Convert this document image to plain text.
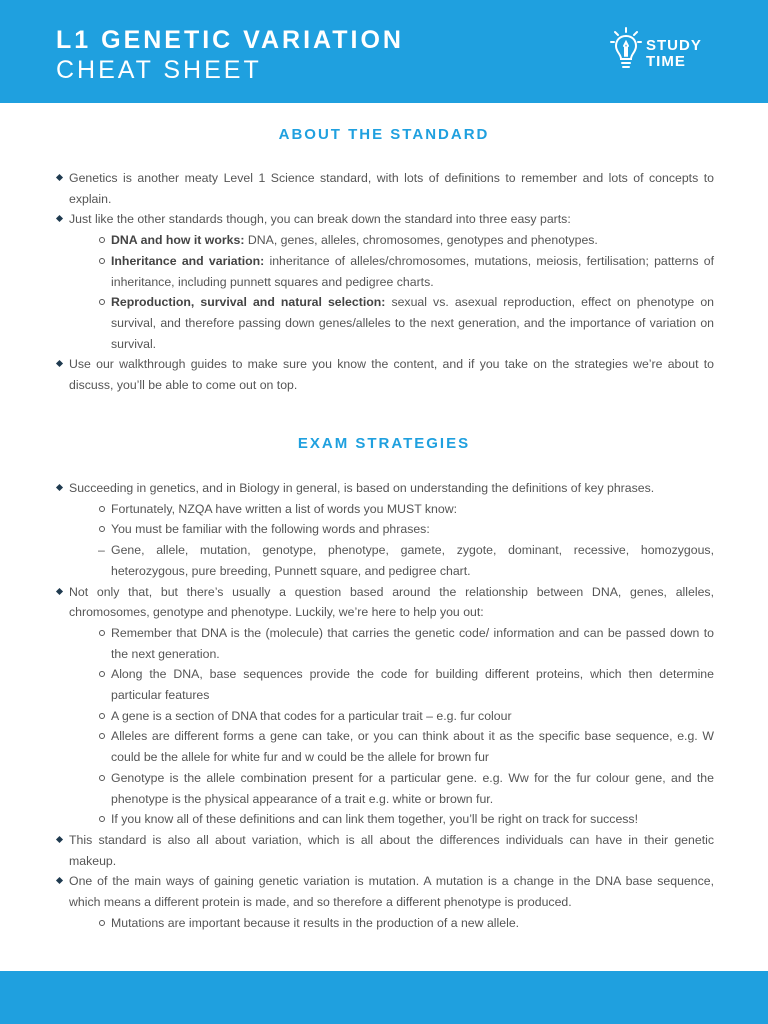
L1 GENETIC VARIATION
CHEAT SHEET
STUDY
TIME
ABOUT THE STANDARD
Genetics is another meaty Level 1 Science standard, with lots of definitions to remember and lots of concepts to explain.
Just like the other standards though, you can break down the standard into three easy parts:
DNA and how it works: DNA, genes, alleles, chromosomes, genotypes and phenotypes.
Inheritance and variation: inheritance of alleles/chromosomes, mutations, meiosis, fertilisation; patterns of inheritance, including punnett squares and pedigree charts.
Reproduction, survival and natural selection: sexual vs. asexual reproduction, effect on phenotype on survival, and therefore passing down genes/alleles to the next generation, and the importance of variation on survival.
Use our walkthrough guides to make sure you know the content, and if you take on the strategies we’re about to discuss, you’ll be able to come out on top.
EXAM STRATEGIES
Succeeding in genetics, and in Biology in general, is based on understanding the definitions of key phrases.
Fortunately, NZQA have written a list of words you MUST know:
You must be familiar with the following words and phrases:
– Gene, allele, mutation, genotype, phenotype, gamete, zygote, dominant, recessive, homozygous, heterozygous, pure breeding, Punnett square, and pedigree chart.
Not only that, but there’s usually a question based around the relationship between DNA, genes, alleles, chromosomes, genotype and phenotype. Luckily, we’re here to help you out:
Remember that DNA is the (molecule) that carries the genetic code/ information and can be passed down to the next generation.
Along the DNA, base sequences provide the code for building different proteins, which then determine particular features
A gene is a section of DNA that codes for a particular trait – e.g. fur colour
Alleles are different forms a gene can take, or you can think about it as the specific base sequence, e.g. W could be the allele for white fur and w could be the allele for brown fur
Genotype is the allele combination present for a particular gene. e.g. Ww for the fur colour gene, and the phenotype is the physical appearance of a trait e.g. white or brown fur.
If you know all of these definitions and can link them together, you’ll be right on track for success!
This standard is also all about variation, which is all about the differences individuals can have in their genetic makeup.
One of the main ways of gaining genetic variation is mutation. A mutation is a change in the DNA base sequence, which means a different protein is made, and so therefore a different phenotype is produced.
Mutations are important because it results in the production of a new allele.
